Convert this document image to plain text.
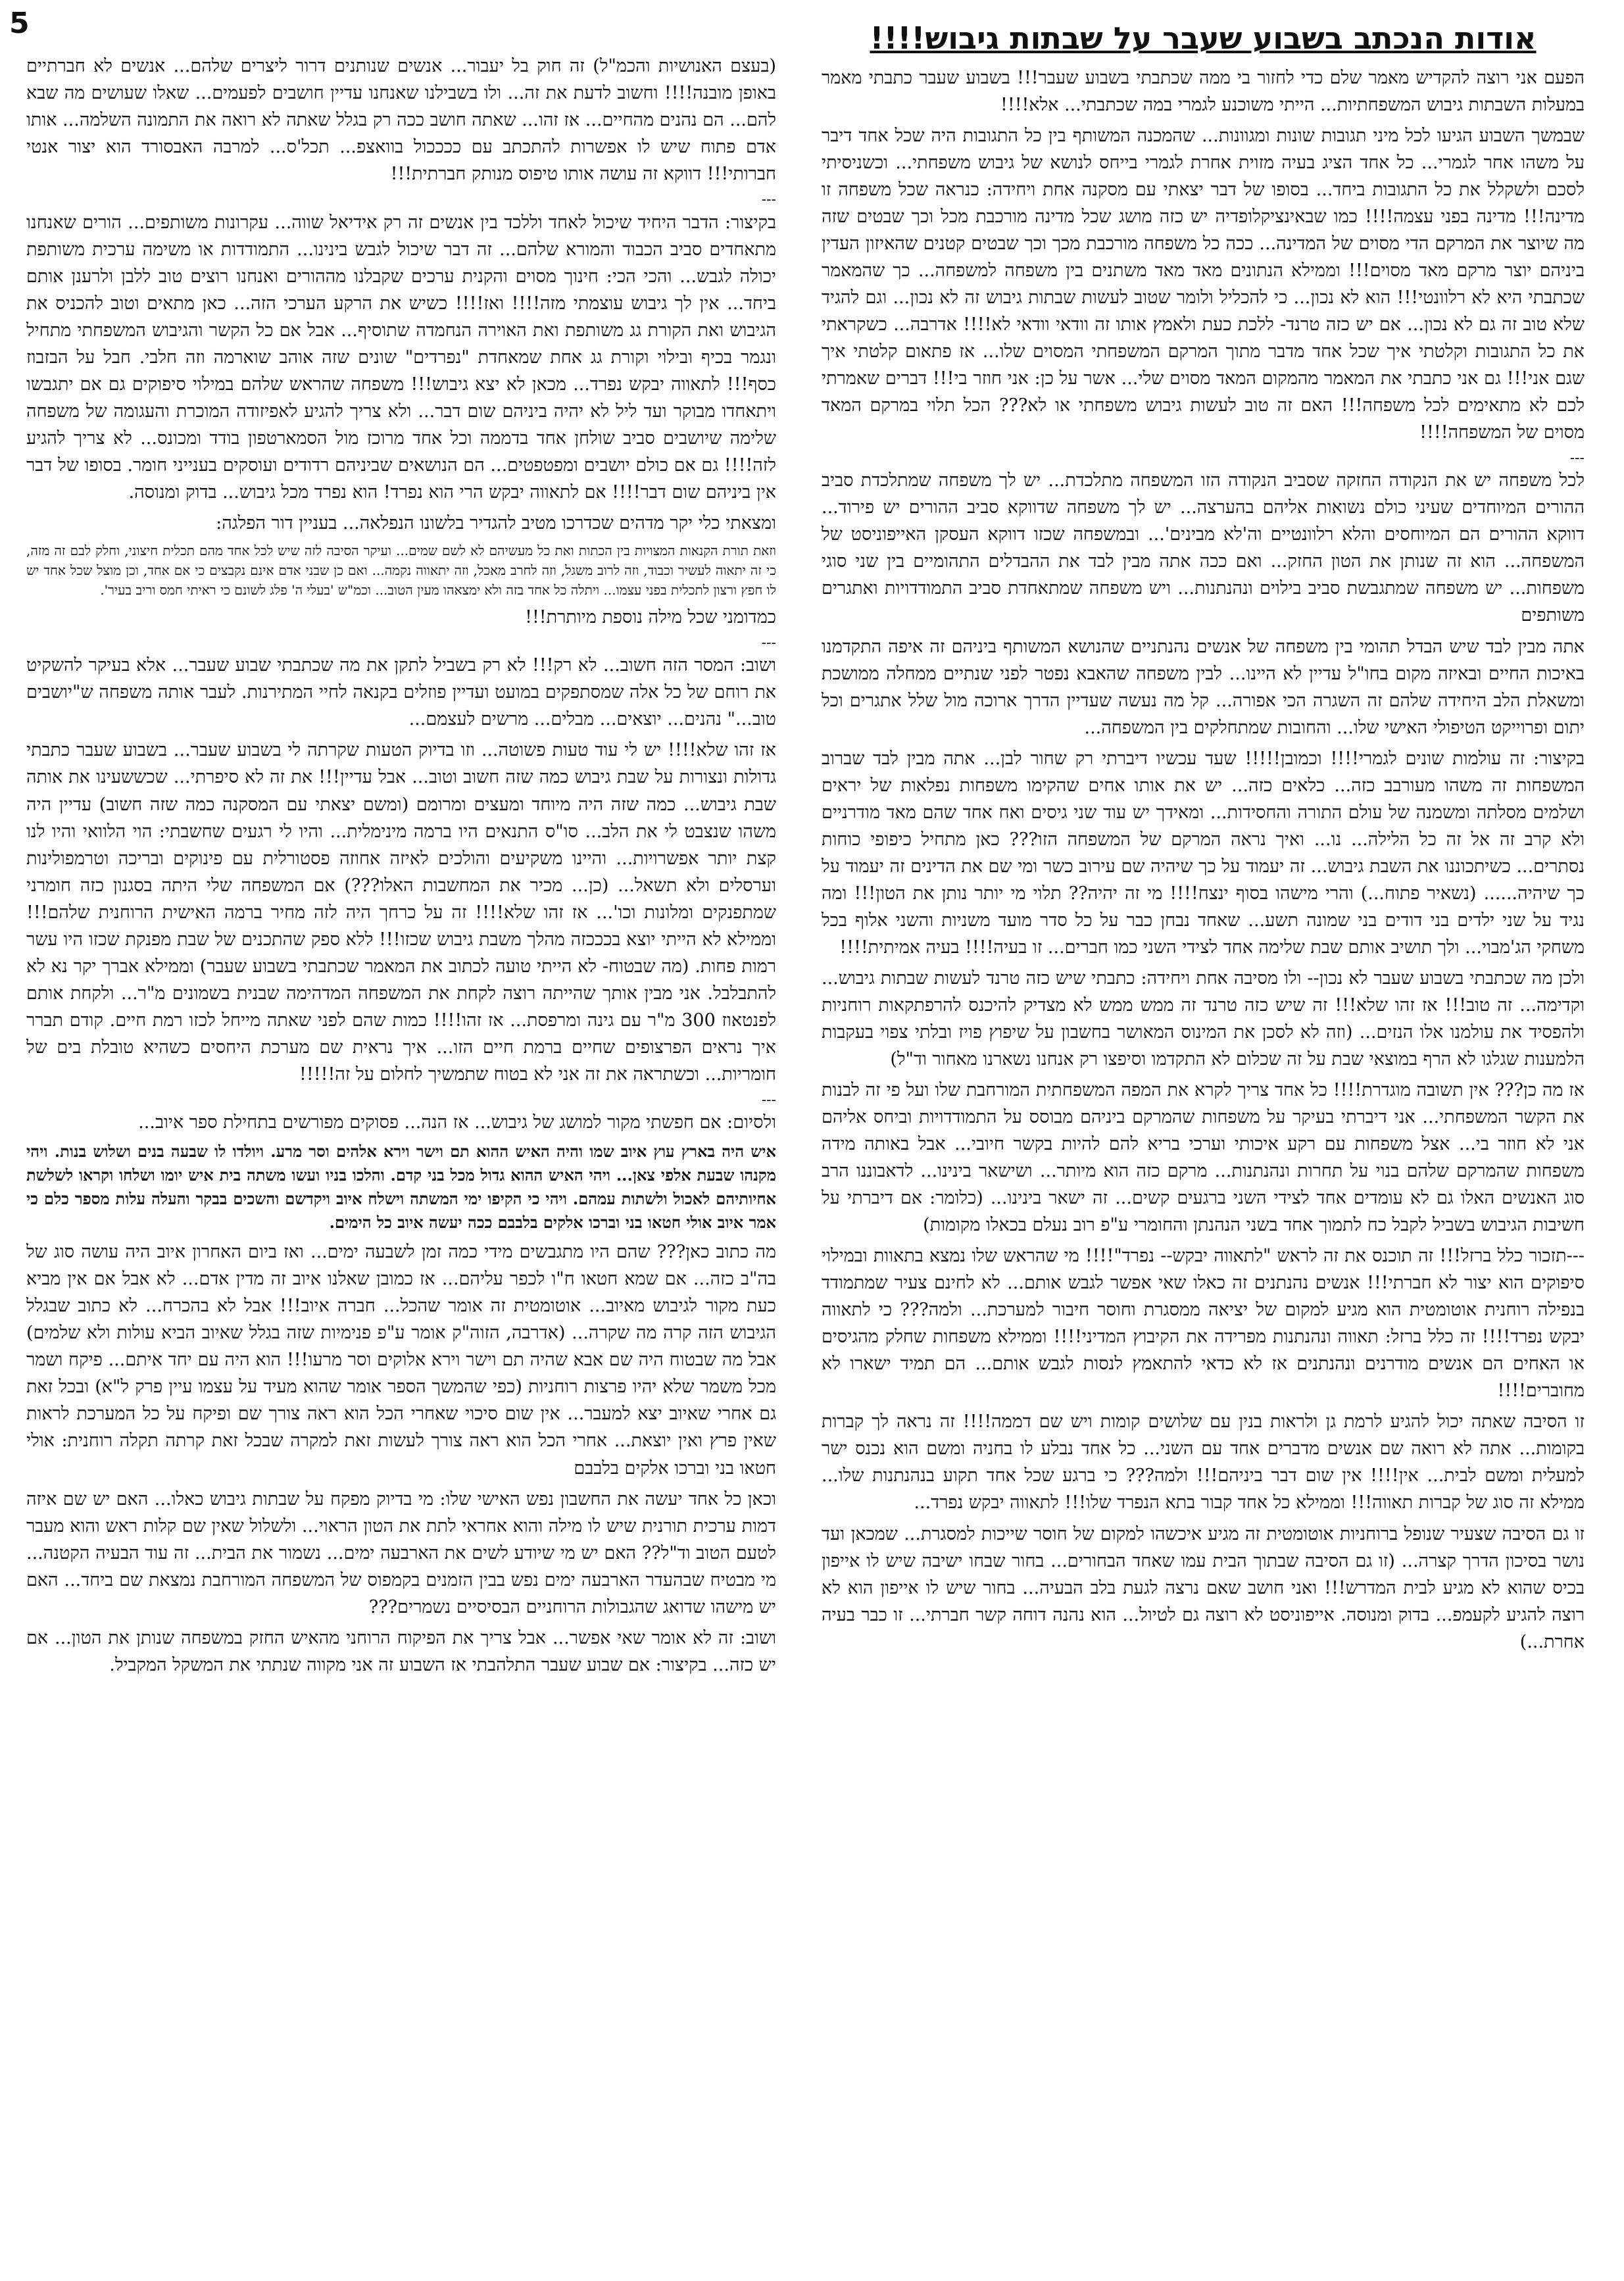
5	אודות הנכתב בשבוע שעבר על שבתות גיבוש!!!!

הפעם אני רוצה להקדיש מאמר שלם כדי לחזור בי ממה שכתבתי בשבוע שעבר!!! בשבוע שעבר כתבתי מאמר במעלות השבתות גיבוש המשפחתיות... הייתי משוכנע לגמרי במה שכתבתי... אלא!!!!

שבמשך השבוע הגיעו לכל מיני תגובות שונות ומגוונות... שהמכנה המשותף בין כל התגובות היה שכל אחד דיבר על משהו אחר לגמרי... כל אחד הציג בעיה מזוית אחרת לגמרי בייחס לנושא של גיבוש משפחתי... וכשניסיתי לסכם ולשקלל את כל התגובות ביחד... בסופו של דבר יצאתי עם מסקנה אחת ויחידה: כנראה שכל משפחה זו מדינה!!! מדינה בפני עצמה!!!! כמו שבאינציקלופדיה יש כזה מושג שכל מדינה מורכבת מכל וכך שבטים שזה מה שיוצר את המרקם הדי מסוים של המדינה... ככה כל משפחה מורכבת מכך וכך שבטים קטנים שהאיזון העדין ביניהם יוצר מרקם מאד מסוים!!! וממילא הנתונים מאד מאד משתנים בין משפחה למשפחה... כך שהמאמר שכתבתי היא לא רלוונטי!!! הוא לא נכון... כי להכליל ולומר שטוב לעשות שבתות גיבוש זה לא נכון... וגם להגיד שלא טוב זה גם לא נכון... אם יש כזה טרנד- ללכת כעת ולאמץ אותו זה וודאי וודאי לא!!!! אדרבה... כשקראתי את כל התגובות וקלטתי איך שכל אחד מדבר מתוך המרקם המשפחתי המסוים שלו... אז פתאום קלטתי איך שגם אני!!! גם אני כתבתי את המאמר מהמקום המאד מסוים שלי... אשר על כן: אני חוזר בי!!! דברים שאמרתי לכם לא מתאימים לכל משפחה!!! האם זה טוב לעשות גיבוש משפחתי או לא??? הכל תלוי במרקם המאד מסוים של המשפחה!!!!

---

לכל משפחה יש את הנקודה החזקה שסביב הנקודה הזו המשפחה מתלכדת... יש לך משפחה שמתלכדת סביב ההורים המיוחדים שעיני כולם נשואות אליהם בהערצה... יש לך משפחה שדווקא סביב ההורים יש פירוד... דווקא ההורים הם המיוחסים והלא רלוונטיים וה'לא מבינים'... ובמשפחה שכזו דווקא העסקן האייפוניסט של המשפחה... הוא זה שנותן את הטון החזק... ואם ככה אתה מבין לבד את ההבדלים התהומיים בין שני סוגי משפחות... יש משפחה שמתגבשת סביב בילוים ונהנתנות... ויש משפחה שמתאחדת סביב התמודדויות ואתגרים משותפים

אתה מבין לבד שיש הבדל תהומי בין משפחה של אנשים נהנתניים שהנושא המשותף ביניהם זה איפה התקדמנו באיכות החיים ובאיזה מקום בחו"ל עדיין לא היינו... לבין משפחה שהאבא נפטר לפני שנתיים ממחלה ממושכת ומשאלת הלב היחידה שלהם זה השגרה הכי אפורה... קל מה נעשה שעדיין הדרך ארוכה מול שלל אתגרים וכל יתום ופרוייקט הטיפולי האישי שלו... והחובות שמתחלקים בין המשפחה...

בקיצור: זה עולמות שונים לגמרי!!!! וכמובן!!!!! שעד עכשיו דיברתי רק שחור לבן... אתה מבין לבד שברוב המשפחות זה משהו מעורבב כזה... כלאים כזה... יש את אותו אחים שהקימו משפחות נפלאות של יראים ושלמים מסלתה ומשמנה של עולם התורה והחסידות... ומאידך יש עוד שני גיסים ואח אחד שהם מאד מודרניים ולא קרב זה אל זה כל הלילה... נו... ואיך נראה המרקם של המשפחה הזו??? כאן מתחיל כיפופי כוחות נסתרים... כשיתכוננו את השבת גיבוש... זה יעמוד על כך שיהיה שם עירוב כשר ומי שם את הדינים זה יעמוד על כך שיהיה...... (נשאיר פתוח...) והרי מישהו בסוף ינצח!!!! מי זה יהיה?? תלוי מי יותר נותן את הטון!!! ומה נגיד על שני ילדים בני דודים בני שמונה תשע... שאחד נבחן כבר על כל סדר מועד משניות והשני אלוף בכל משחקי הג'מבוי... ולך תושיב אותם שבת שלימה אחד לצידי השני כמו חברים... זו בעיה!!!! בעיה אמיתית!!!!

ולכן מה שכתבתי בשבוע שעבר לא נכון-- ולו מסיבה אחת ויחידה: כתבתי שיש כזה טרנד לעשות שבתות גיבוש... וקדימה... זה טוב!!! אז זהו שלא!!! זה שיש כזה טרנד זה ממש ממש לא מצדיק להיכנס להרפתקאות רוחניות ולהפסיד את עולמנו אלו הנזים... (וזה לא לסכן את המינוס המאושר בחשבון על שיפוץ פויז ובלתי צפוי בעקבות הלמענות שגלגו לא הרף במוצאי שבת על זה שכלום לא התקדמו וסיפצו רק אנחנו נשארנו מאחור וד"ל)

אז מה כן??? אין תשובה מוגדרת!!!! כל אחד צריך לקרא את המפה המשפחתית המורחבת שלו ועל פי זה לבנות את הקשר המשפחתי... אני דיברתי בעיקר על משפחות שהמרקם ביניהם מבוסס על התמודדויות וביחס אליהם אני לא חוזר בי... אצל משפחות עם רקע איכותי וערכי בריא להם להיות בקשר חיובי... אבל באותה מידה משפחות שהמרקם שלהם בנוי על תחרות ונהנתנות... מרקם כזה הוא מיותר... ושישאר בינינו... לדאבוננו הרב סוג האנשים האלו גם לא עומדים אחד לצידי השני ברגעים קשים... זה ישאר בינינו... (כלומר: אם דיברתי על חשיבות הגיבוש בשביל לקבל כח לתמוך אחד בשני הנהנתן והחומרי ע"פ רוב נעלם בכאלו מקומות)

---תזכור כלל ברזל!!! זה תוכנס את זה לראש "לתאווה יבקש-- נפרד"!!!! מי שהראש שלו נמצא בתאוות ובמילוי סיפוקים הוא יצור לא חברתי!!! אנשים נהנתנים זה כאלו שאי אפשר לגבש אותם... לא לחינם צעיר שמתמודד בנפילה רוחנית אוטומטית הוא מגיע למקום של יציאה ממסגרת וחוסר חיבור למערכת... ולמה??? כי לתאווה יבקש נפרד!!!! זה כלל ברזל: תאווה ונהנתנות מפרידה את הקיבוץ המדיני!!!! וממילא משפחות שחלק מהגיסים או האחים הם אנשים מודרנים ונהנתנים אז לא כדאי להתאמץ לנסות לגבש אותם... הם תמיד ישארו לא מחוברים!!!!

זו הסיבה שאתה יכול להגיע לרמת גן ולראות בנין עם שלושים קומות ויש שם דממה!!!! זה נראה לך קברות בקומות... אתה לא רואה שם אנשים מדברים אחד עם השני... כל אחד נבלע לו בחניה ומשם הוא נכנס ישר למעלית ומשם לבית... אין!!!! אין שום דבר ביניהם!!! ולמה??? כי ברגע שכל אחד תקוע בנהנתנות שלו... ממילא זה סוג של קברות תאווה!!! וממילא כל אחד קבור בתא הנפרד שלו!!! לתאווה יבקש נפרד...

זו גם הסיבה שצעיר שנופל ברוחניות אוטומטית זה מגיע איכשהו למקום של חוסר שייכות למסגרת... שמכאן ועד נושר בסיכון הדרך קצרה... (זו גם הסיבה שבתוך הבית עמו שאחד הבחורים... בחור שבחו ישיבה שיש לו אייפון בכיס שהוא לא מגיע לבית המדרש!!! ואני חושב שאם נרצה לגעת בלב הבעיה... בחור שיש לו אייפון הוא לא רוצה להגיע לקעמפ... בדוק ומנוסה. אייפוניסט לא רוצה גם לטיול... הוא נהנה דוחה קשר חברתי... זו כבר בעיה אחרת...)

(בעצם האנושיות והכמ"ל) זה חוק בל יעבור... אנשים שנותנים דרור ליצרים שלהם... אנשים לא חברתיים באופן מובנה!!!! וחשוב לדעת את זה... ולו בשבילנו שאנחנו עדיין חושבים לפעמים... שאלו שעושים מה שבא להם... הם נהנים מהחיים... אז זהו... שאתה חושב ככה רק בגלל שאתה לא רואה את התמונה השלמה... אותו אדם פתוח שיש לו אפשרות להתכתב עם ככככול בוואצפ... תכל'ס... למרבה האבסורד הוא יצור אנטי חברותי!!! דווקא זה עושה אותו טיפוס מנותק חברתית!!!

---

בקיצור: הדבר היחיד שיכול לאחד וללכד בין אנשים זה רק אידיאל שווה... עקרונות משותפים... הורים שאנחנו מתאחדים סביב הכבוד והמורא שלהם... זה דבר שיכול לגבש בינינו... התמודדות או משימה ערכית משותפת יכולה לגבש... והכי הכי: חינוך מסוים והקנית ערכים שקבלנו מההורים ואנחנו רוצים טוב ללבן ולרענן אותם ביחד... אין לך גיבוש עוצמתי מזה!!!! ואז!!!! כשיש את הרקע הערכי הזה... כאן מתאים וטוב להכניס את הגיבוש ואת הקורת גג משותפת ואת האוירה הנחמדה שתוסיף... אבל אם כל הקשר והגיבוש המשפחתי מתחיל ונגמר בכיף ובילוי וקורת גג אחת שמאחדת "נפרדים" שונים שזה אוהב שוארמה וזה חלבי. חבל על הבזבוז כסף!!! לתאווה יבקש נפרד... מכאן לא יצא גיבוש!!! משפחה שהראש שלהם במילוי סיפוקים גם אם יתגבשו ויתאחדו מבוקר ועד ליל לא יהיה ביניהם שום דבר... ולא צריך להגיע לאפיזודה המוכרת והעגומה של משפחה שלימה שיושבים סביב שולחן אחד בדממה וכל אחד מרוכז מול הסמארטפון בודד ומכונס... לא צריך להגיע לזה!!!! גם אם כולם יושבים ומפטפטים... הם הנושאים שביניהם רדודים ועוסקים בענייני חומר. בסופו של דבר אין ביניהם שום דבר!!!! אם לתאווה יבקש הרי הוא נפרד! הוא נפרד מכל גיבוש... בדוק ומנוסה.

ומצאתי כלי יקר מדהים שכדרכו מטיב להגדיר בלשונו הנפלאה... בעניין דור הפלגה:

וזאת תורת הקנאות המצויות בין הכתות ואת כל מעשיהם לא לשם שמים... ועיקר הסיבה לזה שיש לכל אחד מהם תכלית חיצוני, וחלק לבם זה מזה, כי זה יתאוה לעשיר וכבוד, וזה לרוב משגל, וזה לחרב מאכל, וזה יתאווה נקמה... ואם כן שבני אדם אינם נקבצים כי אם אחד, וכן מוצל שכל אחד יש לו חפץ ורצון לתכלית בפני עצמו... ויתלה כל אחד בזה ולא ימצאהו מעין הטוב... וכמ"ש 'בעלי ה' פלג לשונם כי ראיתי חמס וריב בעיר'.

כמדומני שכל מילה נוספת מיותרת!!!

---

ושוב: המסר הזה חשוב... לא רק!!! לא רק בשביל לתקן את מה שכתבתי שבוע שעבר... אלא בעיקר להשקיט את רוחם של כל אלה שמסתפקים במועט ועדיין פוזלים בקנאה לחיי המתירנות. לעבר אותה משפחה ש"יושבים טוב..." נהנים... יוצאים... מבלים... מרשים לעצמם...

אז זהו שלא!!!! יש לי עוד טעות פשוטה... וזו בדיוק הטעות שקרתה לי בשבוע שעבר... בשבוע שעבר כתבתי גדולות ונצורות על שבת גיבוש כמה שזה חשוב וטוב... אבל עדיין!!! את זה לא סיפרתי... שכששעינו את אותה שבת גיבוש... כמה שזה היה מיוחד ומעצים ומרומם (ומשם יצאתי עם המסקנה כמה שזה חשוב) עדיין היה משהו שנצבט לי את הלב... סו"ס התנאים היו ברמה מינימלית... והיו לי רגעים שחשבתי: הוי הלוואי והיו לנו קצת יותר אפשרויות... והיינו משקיעים והולכים לאיזה אחוזה פסטורלית עם פינוקים ובריכה וטרמפולינות וערסלים ולא תשאל... (כן... מכיר את המחשבות האלו???) אם המשפחה שלי היתה בסגנון כזה חומרני שמתפנקים ומלונות וכו'... אז זהו שלא!!!! זה על כרחך היה לזה מחיר ברמה האישית הרוחנית שלהם!!! וממילא לא הייתי יוצא בכככזה מהלך משבת גיבוש שכזו!!! ללא ספק שהתכנים של שבת מפנקת שכזו היו עשר רמות פחות. (מה שבטוח- לא הייתי טועה לכתוב את המאמר שכתבתי בשבוע שעבר) וממילא אברך יקר נא לא להתבלבל. אני מבין אותך שהייתה רוצה לקחת את המשפחה המדהימה שבנית בשמונים מ"ר... ולקחת אותם לפנטאוז 300 מ"ר עם גינה ומרפסת... אז זהו!!!! כמות שהם לפני שאתה מייחל לכזו רמת חיים. קודם תברר איך נראים הפרצופים שחיים ברמת חיים הזו... איך נראית שם מערכת היחסים כשהיא טובלת בים של חומריות... וכשתראה את זה אני לא בטוח שתמשיך לחלום על זה!!!!!

---

ולסיום: אם חפשתי מקור למושג של גיבוש... אז הנה... פסוקים מפורשים בתחילת ספר איוב...

איש היה בארץ עוץ איוב שמו והיה האיש ההוא תם וישר וירא אלהים וסר מרע. ויולדו לו שבעה בנים ושלוש בנות. ויהי מקנהו שבעת אלפי צאן... ויהי האיש ההוא גדול מכל בני קדם. והלכו בניו ועשו משתה בית איש יומו ושלחו וקראו לשלשת אחיותיהם לאכול ולשתות עמהם. ויהי כי הקיפו ימי המשתה וישלח איוב ויקדשם והשכים בבקר והעלה עלות מספר כלם כי אמר איוב אולי חטאו בני וברכו אלקים בלבבם ככה יעשה איוב כל הימים.

מה כתוב כאן??? שהם היו מתגבשים מידי כמה זמן לשבעה ימים... ואז ביום האחרון איוב היה עושה סוג של בה"ב כזה... אם שמא חטאו ח"ו לכפר עליהם... אז כמובן שאלנו איוב זה מדין אדם... לא אבל אם אין מביא כעת מקור לגיבוש מאיוב... אוטומטית זה אומר שהכל... חברה איוב!!! אבל לא בהכרח... לא כתוב שבגלל הגיבוש הזה קרה מה שקרה... (אדרבה, הזוה"ק אומר ע"פ פנימיות שזה בגלל שאיוב הביא עולות ולא שלמים) אבל מה שבטוח היה שם אבא שהיה תם וישר וירא אלוקים וסר מרעו!!! הוא היה עם יחד איתם... פיקח ושמר מכל משמר שלא יהיו פרצות רוחניות (כפי שהמשך הספר אומר שהוא מעיד על עצמו עיין פרק ל"א) ובכל זאת גם אחרי שאיוב יצא למעבר... אין שום סיכוי שאחרי הכל הוא ראה צורך שם ופיקח על כל המערכת לראות שאין פרץ ואין יוצאת... אחרי הכל הוא ראה צורך לעשות זאת למקרה שבכל זאת קרתה תקלה רוחנית: אולי חטאו בני וברכו אלקים בלבבם

וכאן כל אחד יעשה את החשבון נפש האישי שלו: מי בדיוק מפקח על שבתות גיבוש כאלו... האם יש שם איזה דמות ערכית תורנית שיש לו מילה והוא אחראי לתת את הטון הראוי... ולשלול שאין שם קלות ראש והוא מעבר לטעם הטוב וד"ל?? האם יש מי שיודע לשים את הארבעה ימים... נשמור את הבית... זה עוד הבעיה הקטנה... מי מבטיח שבהעדר הארבעה ימים נפש בבין הזמנים בקמפוס של המשפחה המורחבת נמצאת שם ביחד... האם יש מישהו שדואג שהגבולות הרוחניים הבסיסיים נשמרים???

ושוב: זה לא אומר שאי אפשר... אבל צריך את הפיקוח הרוחני מהאיש החזק במשפחה שנותן את הטון... אם יש כזה... בקיצור: אם שבוע שעבר התלהבתי אז השבוע זה אני מקווה שנתתי את המשקל המקביל.
